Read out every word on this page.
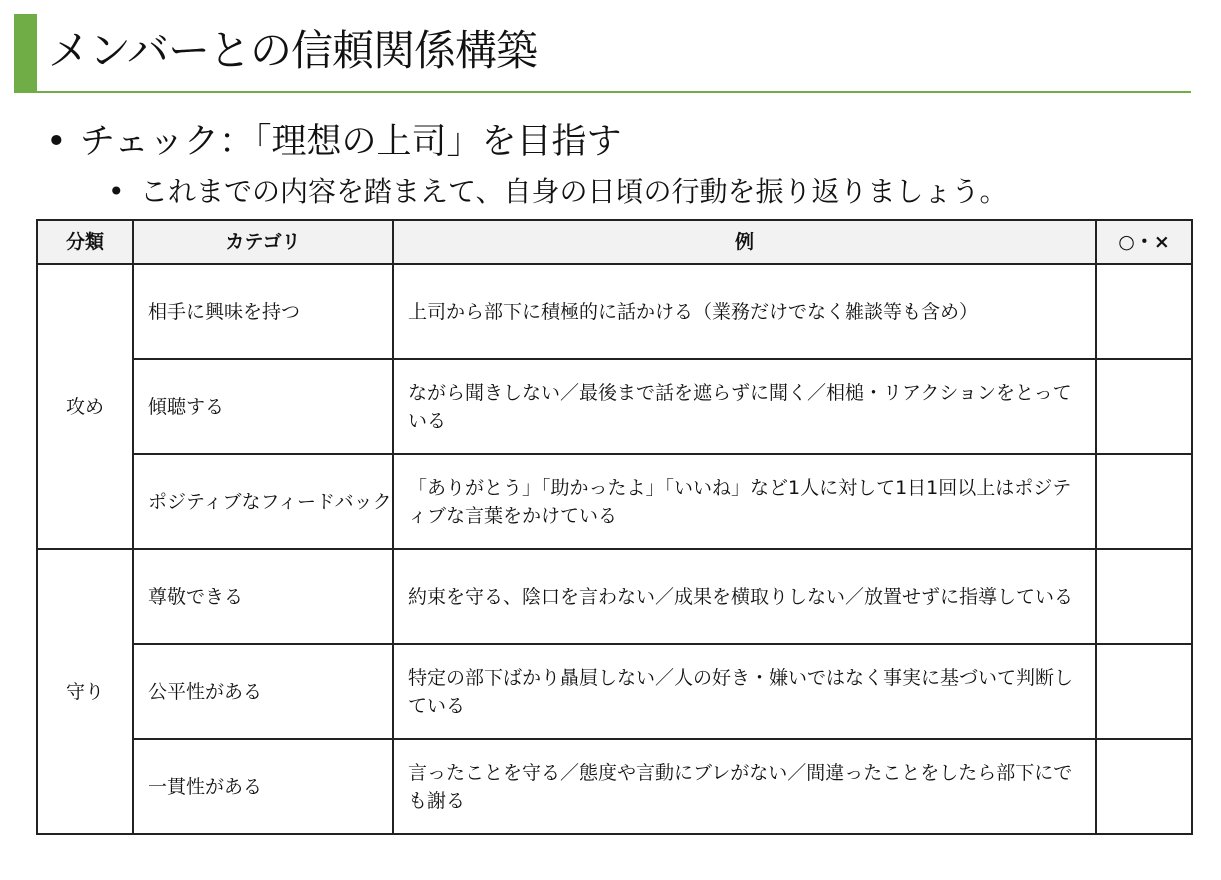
メンバーとの信頼関係構築
• チェック：「理想の上司」を目指す
• これまでの内容を踏まえて、自身の日頃の行動を振り返りましょう。
分類	カテゴリ	例	○・×
攻め	相手に興味を持つ	上司から部下に積極的に話かける（業務だけでなく雑談等も含め）	
	傾聴する	ながら聞きしない／最後まで話を遮らずに聞く／相槌・リアクションをとっている	
	ポジティブなフィードバック	「ありがとう」「助かったよ」「いいね」など1人に対して1日1回以上はポジティブな言葉をかけている	
守り	尊敬できる	約束を守る、陰口を言わない／成果を横取りしない／放置せずに指導している	
	公平性がある	特定の部下ばかり贔屓しない／人の好き・嫌いではなく事実に基づいて判断している	
	一貫性がある	言ったことを守る／態度や言動にブレがない／間違ったことをしたら部下にでも謝る	
